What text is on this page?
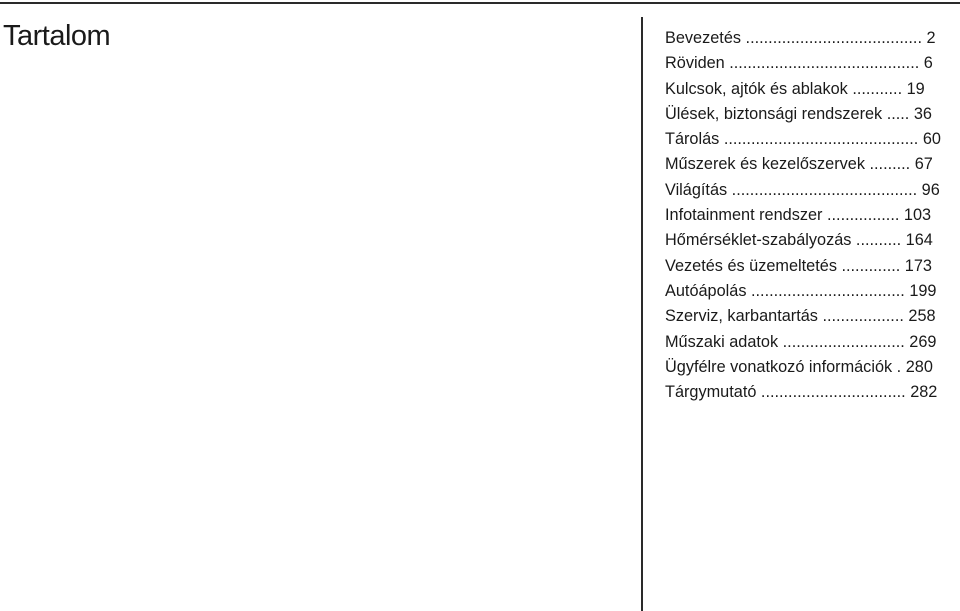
Tartalom	Bevezetés ....................................... 2
Röviden .......................................... 6
Kulcsok, ajtók és ablakok ........... 19
Ülések, biztonsági rendszerek ..... 36
Tárolás ........................................... 60
Műszerek és kezelőszervek ......... 67
Világítás ......................................... 96
Infotainment rendszer ................ 103
Hőmérséklet-szabályozás .......... 164
Vezetés és üzemeltetés ............. 173
Autóápolás .................................. 199
Szerviz, karbantartás .................. 258
Műszaki adatok ........................... 269
Ügyfélre vonatkozó információk . 280
Tárgymutató ................................ 282
